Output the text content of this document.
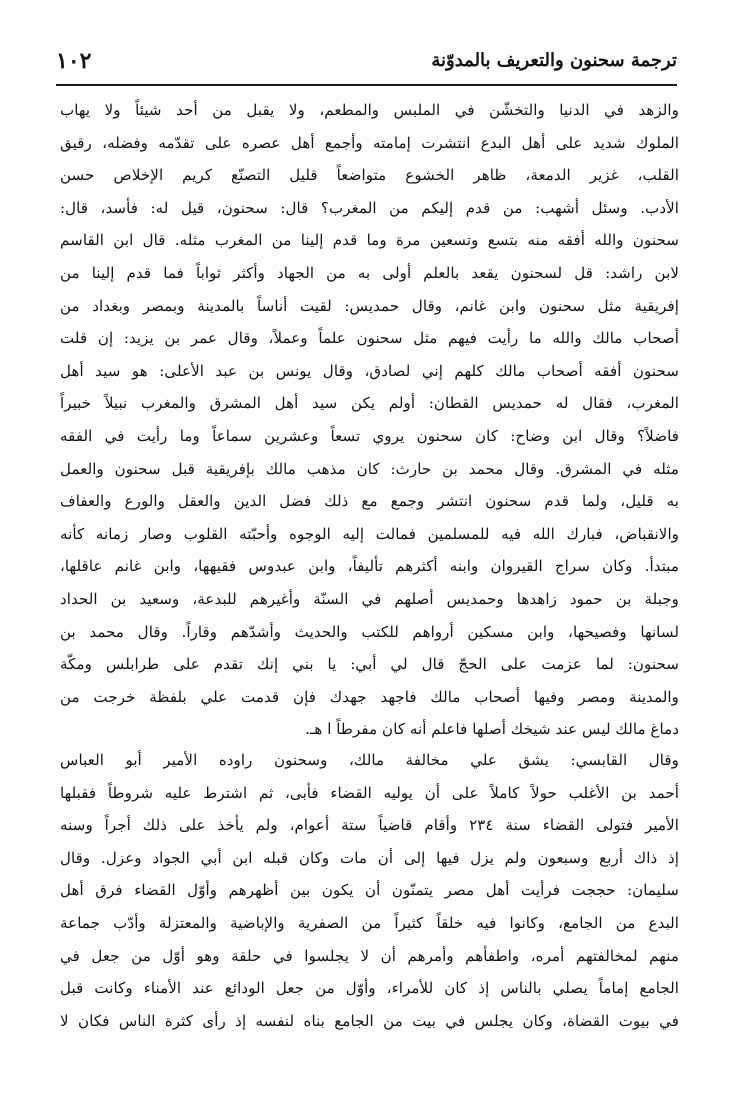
ترجمة سحنون والتعريف بالمدوّنة
١٠٢
والزهد في الدنيا والتخشّن في الملبس والمطعم، ولا يقبل من أحد شيئاً ولا يهاب
الملوك شديد على أهل البدع انتشرت إمامته وأجمع أهل عصره على تقدّمه وفضله، رقيق
القلب، غزير الدمعة، ظاهر الخشوع متواضعاً قليل التصنّع كريم الإخلاص حسن
الأدب. وسئل أشهب: من قدم إليكم من المغرب؟ قال: سحنون، قيل له: فأسد، قال:
سحنون والله أفقه منه بتسع وتسعين مرة وما قدم إلينا من المغرب مثله. قال ابن القاسم
لابن راشد: قل لسحنون يقعد بالعلم أولى به من الجهاد وأكثر ثواباً فما قدم إلينا من
إفريقية مثل سحنون وابن غانم، وقال حمديس: لقيت أناساً بالمدينة وبمصر وبغداد من
أصحاب مالك والله ما رأيت فيهم مثل سحنون علماً وعملاً، وقال عمر بن يزيد: إن قلت
سحنون أفقه أصحاب مالك كلهم إني لصادق، وقال يونس بن عبد الأعلى: هو سيد أهل
المغرب، فقال له حمديس القطان: أولم يكن سيد أهل المشرق والمغرب نبيلاً خبيراً
فاضلاً؟ وقال ابن وضاح: كان سحنون يروي تسعاً وعشرين سماعاً وما رأيت في الفقه
مثله في المشرق. وقال محمد بن حارث: كان مذهب مالك بإفريقية قبل سحنون والعمل
به قليل، ولما قدم سحنون انتشر وجمع مع ذلك فضل الدين والعقل والورع والعفاف
والانقباض، فبارك الله فيه للمسلمين فمالت إليه الوجوه وأحبّته القلوب وصار زمانه كأنه
مبتدأ. وكان سراج القيروان وابنه أكثرهم تأليفاً، وابن عبدوس فقيهها، وابن غانم عاقلها،
وجبلة بن حمود زاهدها وحمديس أصلهم في السنّة وأغيرهم للبدعة، وسعيد بن الحداد
لسانها وفصيحها، وابن مسكين أرواهم للكتب والحديث وأشدّهم وقاراً. وقال محمد بن
سحنون: لما عزمت على الحجّ قال لي أبي: يا بني إنك تقدم على طرابلس ومكّة
والمدينة ومصر وفيها أصحاب مالك فاجهد جهدك فإن قدمت علي بلفظة خرجت من
دماغ مالك ليس عند شيخك أصلها فاعلم أنه كان مفرطاً ا هـ.
وقال القابسي: يشق علي مخالفة مالك، وسحنون راوده الأمير أبو العباس
أحمد بن الأغلب حولاً كاملاً على أن يوليه القضاء فأبى، ثم اشترط عليه شروطاً فقبلها
الأمير فتولى القضاء سنة ٢٣٤ وأقام قاضياً ستة أعوام، ولم يأخذ على ذلك أجراً وسنه
إذ ذاك أربع وسبعون ولم يزل فيها إلى أن مات وكان قبله ابن أبي الجواد وعزل. وقال
سليمان: حججت فرأيت أهل مصر يتمنّون أن يكون بين أظهرهم وأوّل القضاء فرق أهل
البدع من الجامع، وكانوا فيه خلقاً كثيراً من الصفرية والإباضية والمعتزلة وأدّب جماعة
منهم لمخالفتهم أمره، واطفأهم وأمرهم أن لا يجلسوا في حلقة وهو أوّل من جعل في
الجامع إماماً يصلي بالناس إذ كان للأمراء، وأوّل من جعل الودائع عند الأمناء وكانت قبل
في بيوت القضاة، وكان يجلس في بيت من الجامع بناه لنفسه إذ رأى كثرة الناس فكان لا
